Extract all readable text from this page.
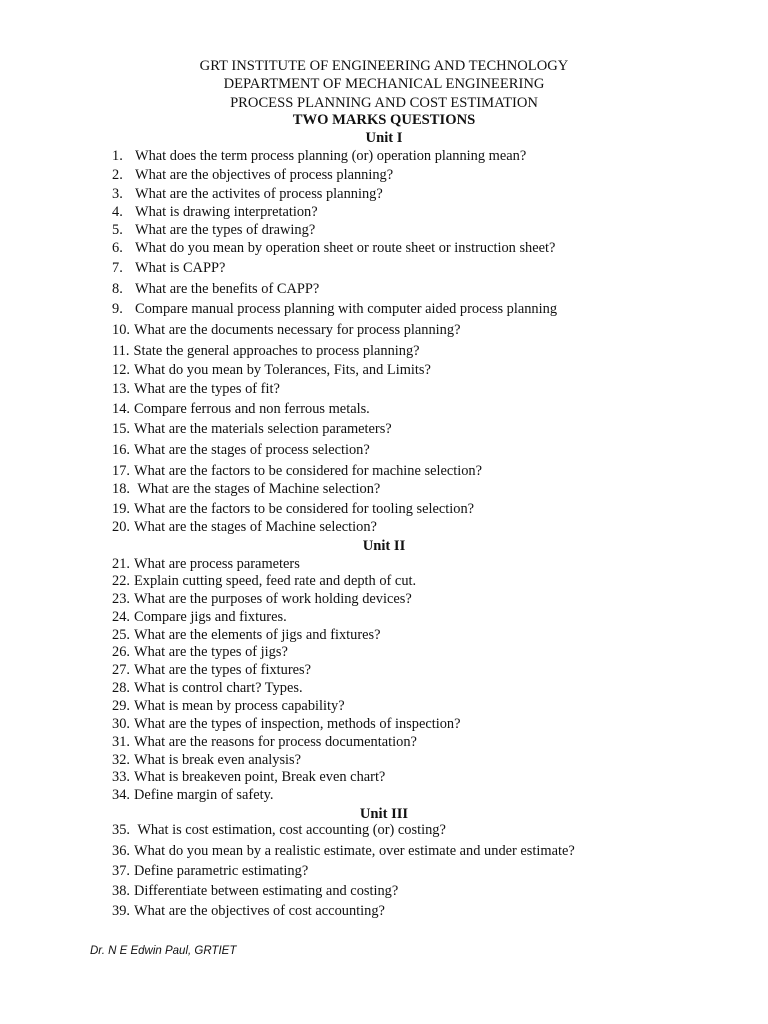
GRT INSTITUTE OF ENGINEERING AND TECHNOLOGY
DEPARTMENT OF MECHANICAL ENGINEERING
PROCESS PLANNING AND COST ESTIMATION
TWO MARKS QUESTIONS
Unit I
1. What does the term process planning (or) operation planning mean?
2. What are the objectives of process planning?
3. What are the activites of process planning?
4. What is drawing interpretation?
5. What are the types of drawing?
6. What do you mean by operation sheet or route sheet or instruction sheet?
7. What is CAPP?
8. What are the benefits of CAPP?
9. Compare manual process planning with computer aided process planning
10. What are the documents necessary for process planning?
11. State the general approaches to process planning?
12. What do you mean by Tolerances, Fits, and Limits?
13. What are the types of fit?
14. Compare ferrous and non ferrous metals.
15. What are the materials selection parameters?
16. What are the stages of process selection?
17. What are the factors to be considered for machine selection?
18. What are the stages of Machine selection?
19. What are the factors to be considered for tooling selection?
20. What are the stages of Machine selection?
Unit II
21. What are process parameters
22. Explain cutting speed, feed rate and depth of cut.
23. What are the purposes of work holding devices?
24. Compare jigs and fixtures.
25. What are the elements of jigs and fixtures?
26. What are the types of jigs?
27. What are the types of fixtures?
28. What is control chart? Types.
29. What is mean by process capability?
30. What are the types of inspection, methods of inspection?
31. What are the reasons for process documentation?
32. What is break even analysis?
33. What is breakeven point, Break even chart?
34. Define margin of safety.
Unit III
35. What is cost estimation, cost accounting (or) costing?
36. What do you mean by a realistic estimate, over estimate and under estimate?
37. Define parametric estimating?
38. Differentiate between estimating and costing?
39. What are the objectives of cost accounting?
Dr. N E Edwin Paul, GRTIET
